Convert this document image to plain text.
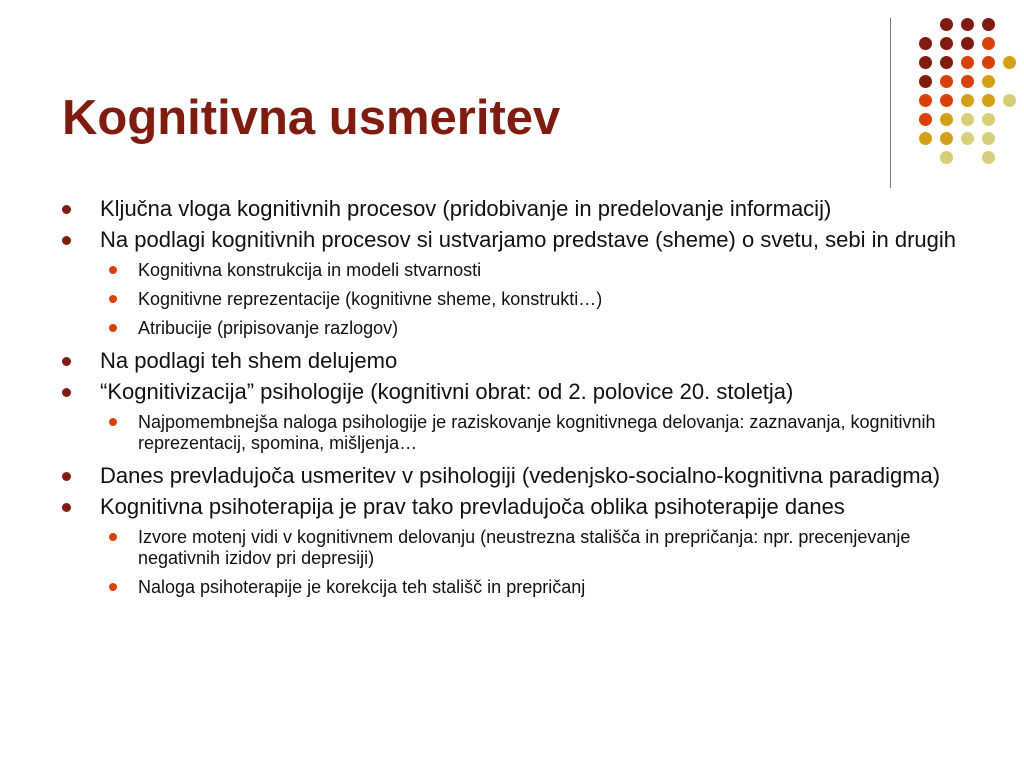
Kognitivna usmeritev
Ključna vloga kognitivnih procesov (pridobivanje in predelovanje informacij)
Na podlagi kognitivnih procesov si ustvarjamo predstave (sheme) o svetu, sebi in drugih
Kognitivna konstrukcija in modeli stvarnosti
Kognitivne reprezentacije (kognitivne sheme, konstrukti…)
Atribucije (pripisovanje razlogov)
Na podlagi teh shem delujemo
“Kognitivizacija” psihologije (kognitivni obrat: od 2. polovice 20. stoletja)
Najpomembnejša naloga psihologije je raziskovanje kognitivnega delovanja: zaznavanja, kognitivnih reprezentacij, spomina, mišljenja…
Danes prevladujoča usmeritev v psihologiji (vedenjsko-socialno-kognitivna paradigma)
Kognitivna psihoterapija je prav tako prevladujoča oblika psihoterapije danes
Izvore motenj vidi v kognitivnem delovanju (neustrezna stališča in prepričanja: npr. precenjevanje negativnih izidov pri depresiji)
Naloga psihoterapije je korekcija teh stališč in prepričanj
